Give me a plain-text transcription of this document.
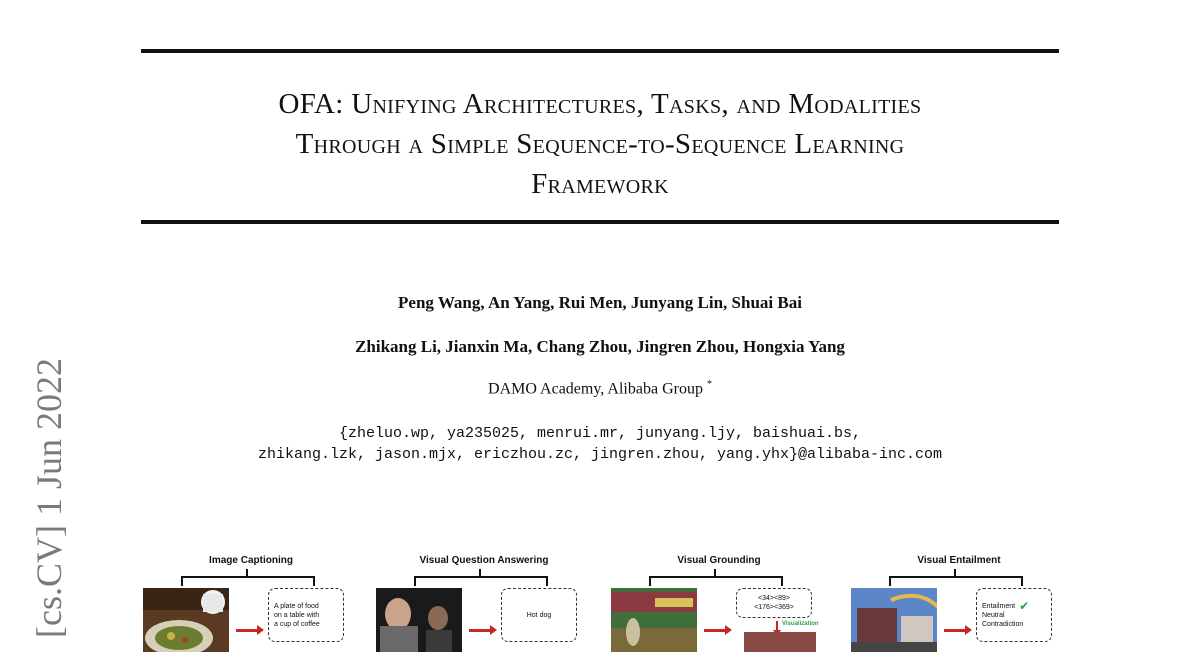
OFA: Unifying Architectures, Tasks, and Modalities
Through a Simple Sequence-to-Sequence Learning
Framework
Peng Wang, An Yang, Rui Men, Junyang Lin, Shuai Bai
Zhikang Li, Jianxin Ma, Chang Zhou, Jingren Zhou, Hongxia Yang
DAMO Academy, Alibaba Group *
{zheluo.wp, ya235025, menrui.mr, junyang.ljy, baishuai.bs,
zhikang.lzk, jason.mjx, ericzhou.zc, jingren.zhou, yang.yhx}@alibaba-inc.com
[cs.CV] 1 Jun 2022	Image Captioning
A plate of food
on a table with
a cup of coffee
Visual Question Answering
Hot dog
Visual Grounding
<34><89>
<176><369>
Visualization
Visual Entailment
Entailment ✔
Neutral
Contradiction
